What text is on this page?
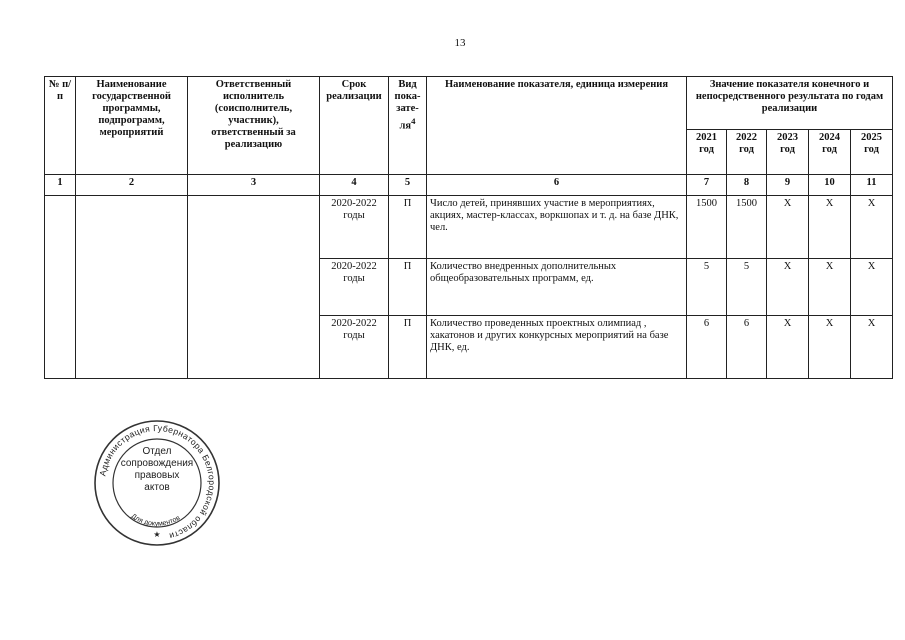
13
№ п/п	Наименование государственной программы, подпрограмм, мероприятий	Ответственный исполнитель (соисполнитель, участник), ответственный за реализацию	Срок реализации	Вид пока-$зате-ля^4$	Наименование показателя, единица измерения	Значение показателя конечного и непосредственного результата по годам реализации				
						2021 год	2022 год	2023 год	2024 год	2025 год
1	2	3	4	5	6	7	8	9	10	11
			2020-2022 годы	П	Число детей, принявших участие в мероприятиях, акциях, мастер-классах, воркшопах и т. д. на базе ДНК, чел.	1500	1500	Х	Х	Х
			2020-2022 годы	П	Количество внедренных дополнительных общеобразовательных программ, ед.	5	5	Х	Х	Х
			2020-2022 годы	П	Количество проведенных проектных олимпиад , хакатонов и других конкурсных мероприятий на базе ДНК, ед.	6	6	Х	Х	Х
Администрация Губернатора Белгородской области
Для документов
★
Отдел
сопровождения
правовых
актов
